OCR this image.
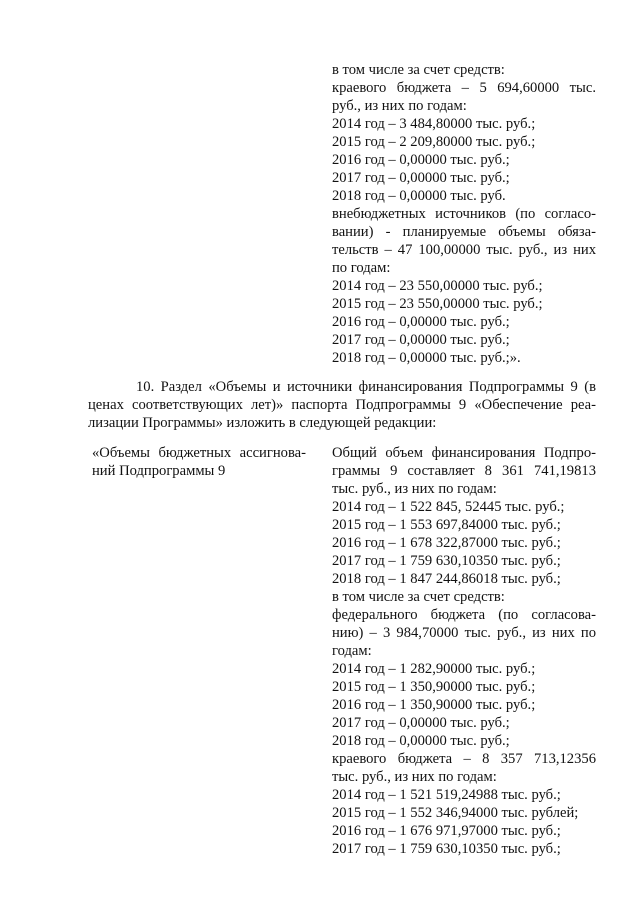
в том числе за счет средств:
краевого бюджета – 5 694,60000 тыс.
руб., из них по годам:
2014 год – 3 484,80000 тыс. руб.;
2015 год – 2 209,80000 тыс. руб.;
2016 год – 0,00000 тыс. руб.;
2017 год – 0,00000 тыс. руб.;
2018 год – 0,00000 тыс. руб.
внебюджетных источников (по согласо-
вании) - планируемые объемы обяза-
тельств – 47 100,00000 тыс. руб., из них
по годам:
2014 год – 23 550,00000 тыс. руб.;
2015 год – 23 550,00000 тыс. руб.;
2016 год – 0,00000 тыс. руб.;
2017 год – 0,00000 тыс. руб.;
2018 год – 0,00000 тыс. руб.;».
10. Раздел «Объемы и источники финансирования Подпрограммы 9 (в
ценах соответствующих лет)» паспорта Подпрограммы 9 «Обеспечение реа-
лизации Программы» изложить в следующей редакции:
«Объемы бюджетных ассигнова-
ний Подпрограммы 9
Общий объем финансирования Подпро-
граммы 9 составляет 8 361 741,19813
тыс. руб., из них по годам:
2014 год – 1 522 845, 52445 тыс. руб.;
2015 год – 1 553 697,84000 тыс. руб.;
2016 год – 1 678 322,87000 тыс. руб.;
2017 год – 1 759 630,10350 тыс. руб.;
2018 год – 1 847 244,86018 тыс. руб.;
в том числе за счет средств:
федерального бюджета (по согласова-
нию) – 3 984,70000 тыс. руб., из них по
годам:
2014 год – 1 282,90000 тыс. руб.;
2015 год – 1 350,90000 тыс. руб.;
2016 год – 1 350,90000 тыс. руб.;
2017 год – 0,00000 тыс. руб.;
2018 год – 0,00000 тыс. руб.;
краевого бюджета – 8 357 713,12356
тыс. руб., из них по годам:
2014 год – 1 521 519,24988 тыс. руб.;
2015 год – 1 552 346,94000 тыс. рублей;
2016 год – 1 676 971,97000 тыс. руб.;
2017 год – 1 759 630,10350 тыс. руб.;
